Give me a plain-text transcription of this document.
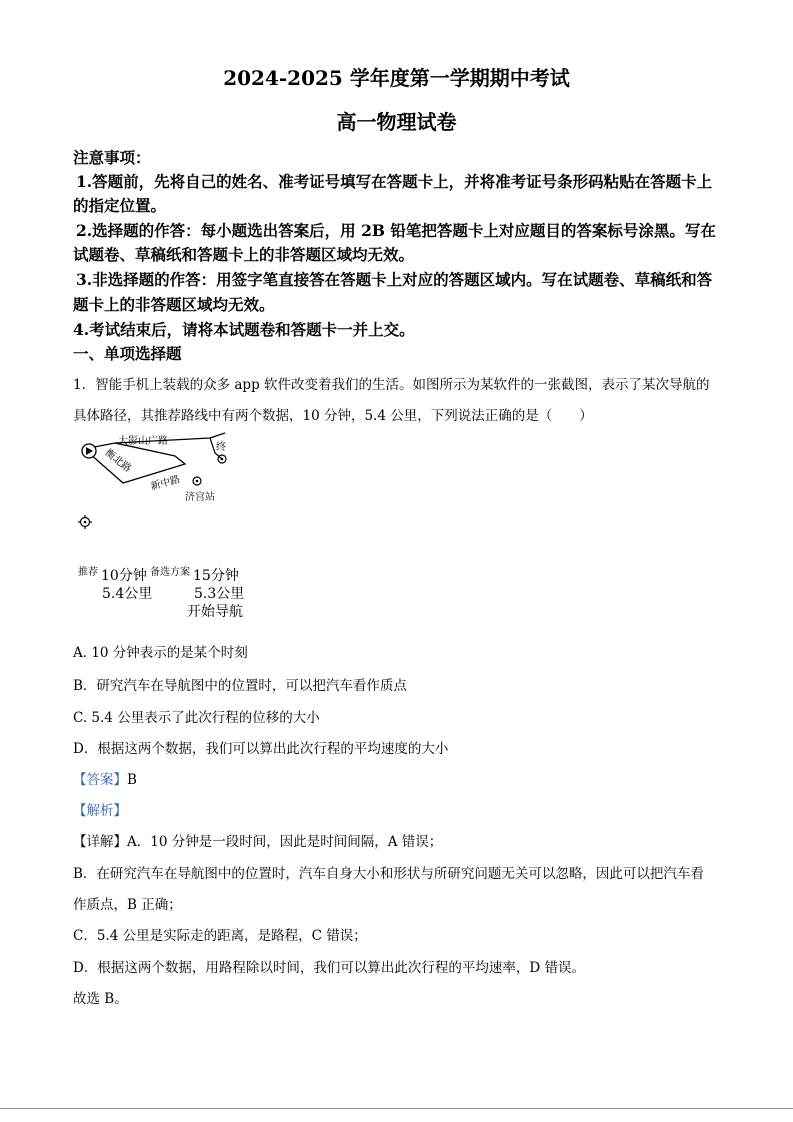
2024-2025 学年度第一学期期中考试
高一物理试卷
注意事项：
1.答题前，先将自己的姓名、准考证号填写在答题卡上，并将准考证号条形码粘贴在答题卡上
的指定位置。
2.选择题的作答：每小题选出答案后，用 2B 铅笔把答题卡上对应题目的答案标号涂黑。写在
试题卷、草稿纸和答题卡上的非答题区域均无效。
3.非选择题的作答：用签字笔直接答在答题卡上对应的答题区域内。写在试题卷、草稿纸和答
题卡上的非答题区域均无效。
4.考试结束后，请将本试题卷和答题卡一并上交。
一、单项选择题
1．智能手机上装载的众多 app 软件改变着我们的生活。如图所示为某软件的一张截图，表示了某次导航的
具体路径，其推荐路线中有两个数据，10 分钟，5.4 公里，下列说法正确的是（　　）
大影山广路
衡北路
新中路
终
济宫站
推荐 10分钟
5.4公里
备选方案 15分钟
5.3公里
开始导航
A. 10 分钟表示的是某个时刻
B．研究汽车在导航图中的位置时，可以把汽车看作质点
C. 5.4 公里表示了此次行程的位移的大小
D．根据这两个数据，我们可以算出此次行程的平均速度的大小
【答案】B
【解析】
【详解】A．10 分钟是一段时间，因此是时间间隔，A 错误；
B．在研究汽车在导航图中的位置时，汽车自身大小和形状与所研究问题无关可以忽略，因此可以把汽车看
作质点，B 正确；
C．5.4 公里是实际走的距离，是路程，C 错误；
D．根据这两个数据，用路程除以时间，我们可以算出此次行程的平均速率，D 错误。
故选 B。
